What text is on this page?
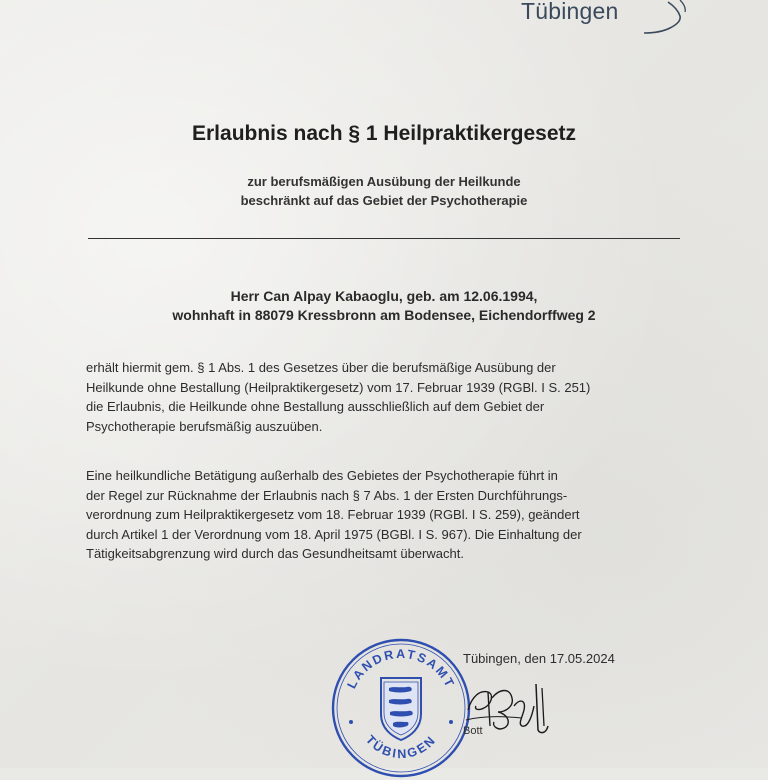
Tübingen
Erlaubnis nach § 1 Heilpraktikergesetz
zur berufsmäßigen Ausübung der Heilkunde
beschränkt auf das Gebiet der Psychotherapie
Herr Can Alpay Kabaoglu, geb. am 12.06.1994,
wohnhaft in 88079 Kressbronn am Bodensee, Eichendorffweg 2
erhält hiermit gem. § 1 Abs. 1 des Gesetzes über die berufsmäßige Ausübung der
Heilkunde ohne Bestallung (Heilpraktikergesetz) vom 17. Februar 1939 (RGBl. I S. 251)
die Erlaubnis, die Heilkunde ohne Bestallung ausschließlich auf dem Gebiet der
Psychotherapie berufsmäßig auszuüben.
Eine heilkundliche Betätigung außerhalb des Gebietes der Psychotherapie führt in
der Regel zur Rücknahme der Erlaubnis nach § 7 Abs. 1 der Ersten Durchführungs-
verordnung zum Heilpraktikergesetz vom 18. Februar 1939 (RGBl. I S. 259), geändert
durch Artikel 1 der Verordnung vom 18. April 1975 (BGBl. I S. 967). Die Einhaltung der
Tätigkeitsabgrenzung wird durch das Gesundheitsamt überwacht.
LANDRATSAMT
TÜBINGEN
Tübingen, den 17.05.2024
Bott
